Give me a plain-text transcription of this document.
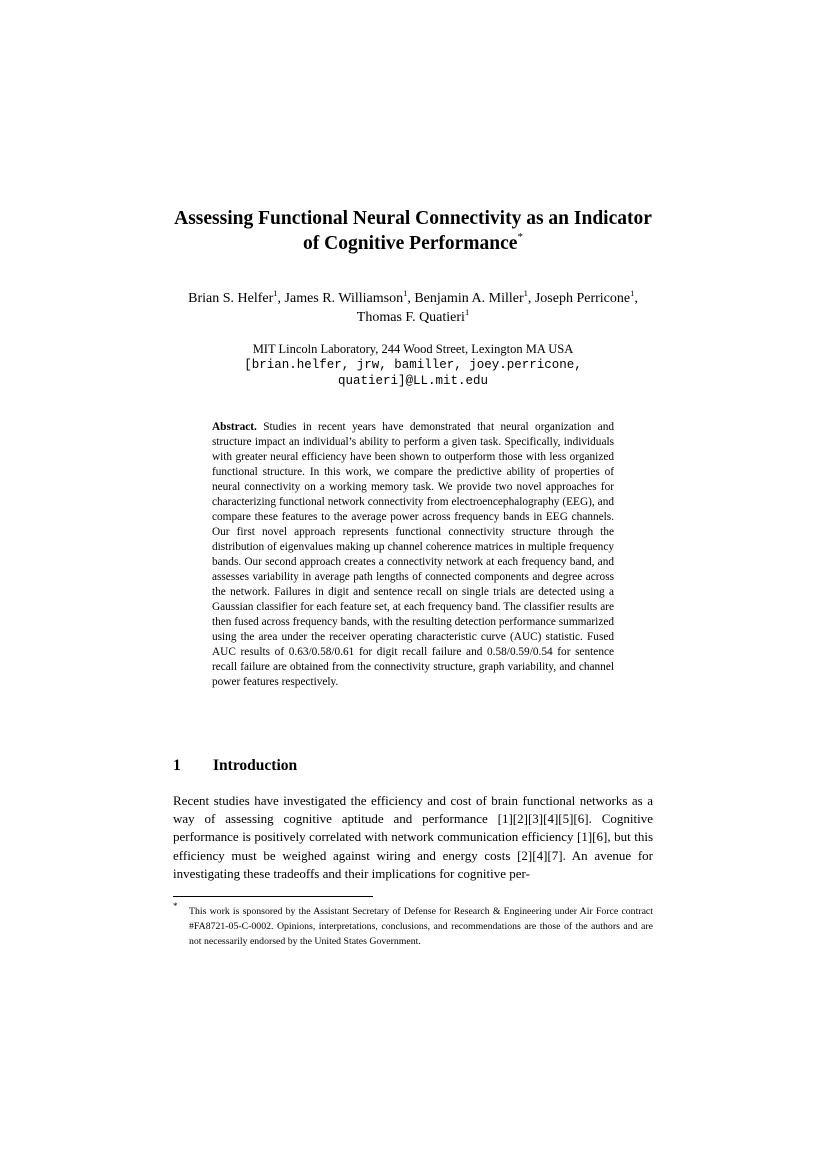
Assessing Functional Neural Connectivity as an Indicator
of Cognitive Performance*
Brian S. Helfer$^1$, James R. Williamson$^1$, Benjamin A. Miller$^1$, Joseph Perricone$^1$,
Thomas F. Quatieri$^1$
MIT Lincoln Laboratory, 244 Wood Street, Lexington MA USA
[brian.helfer, jrw, bamiller, joey.perricone,
quatieri]@LL.mit.edu
Abstract. Studies in recent years have demonstrated that neural organization and structure impact an individual’s ability to perform a given task. Specifically, individuals with greater neural efficiency have been shown to outperform those with less organized functional structure. In this work, we compare the predictive ability of properties of neural connectivity on a working memory task. We provide two novel approaches for characterizing functional network connectivity from electroencephalography (EEG), and compare these features to the average power across frequency bands in EEG channels. Our first novel approach represents functional connectivity structure through the distribution of eigenvalues making up channel coherence matrices in multiple frequency bands. Our second approach creates a connectivity network at each frequency band, and assesses variability in average path lengths of connected components and degree across the network. Failures in digit and sentence recall on single trials are detected using a Gaussian classifier for each feature set, at each frequency band. The classifier results are then fused across frequency bands, with the resulting detection performance summarized using the area under the receiver operating characteristic curve (AUC) statistic. Fused AUC results of 0.63/0.58/0.61 for digit recall failure and 0.58/0.59/0.54 for sentence recall failure are obtained from the connectivity structure, graph variability, and channel power features respectively.
1 Introduction
Recent studies have investigated the efficiency and cost of brain functional networks as a way of assessing cognitive aptitude and performance [1][2][3][4][5][6]. Cognitive performance is positively correlated with network communication efficiency [1][6], but this efficiency must be weighed against wiring and energy costs [2][4][7]. An avenue for investigating these tradeoffs and their implications for cognitive per-
* This work is sponsored by the Assistant Secretary of Defense for Research & Engineering under Air Force contract #FA8721-05-C-0002. Opinions, interpretations, conclusions, and recommendations are those of the authors and are not necessarily endorsed by the United States Government.
